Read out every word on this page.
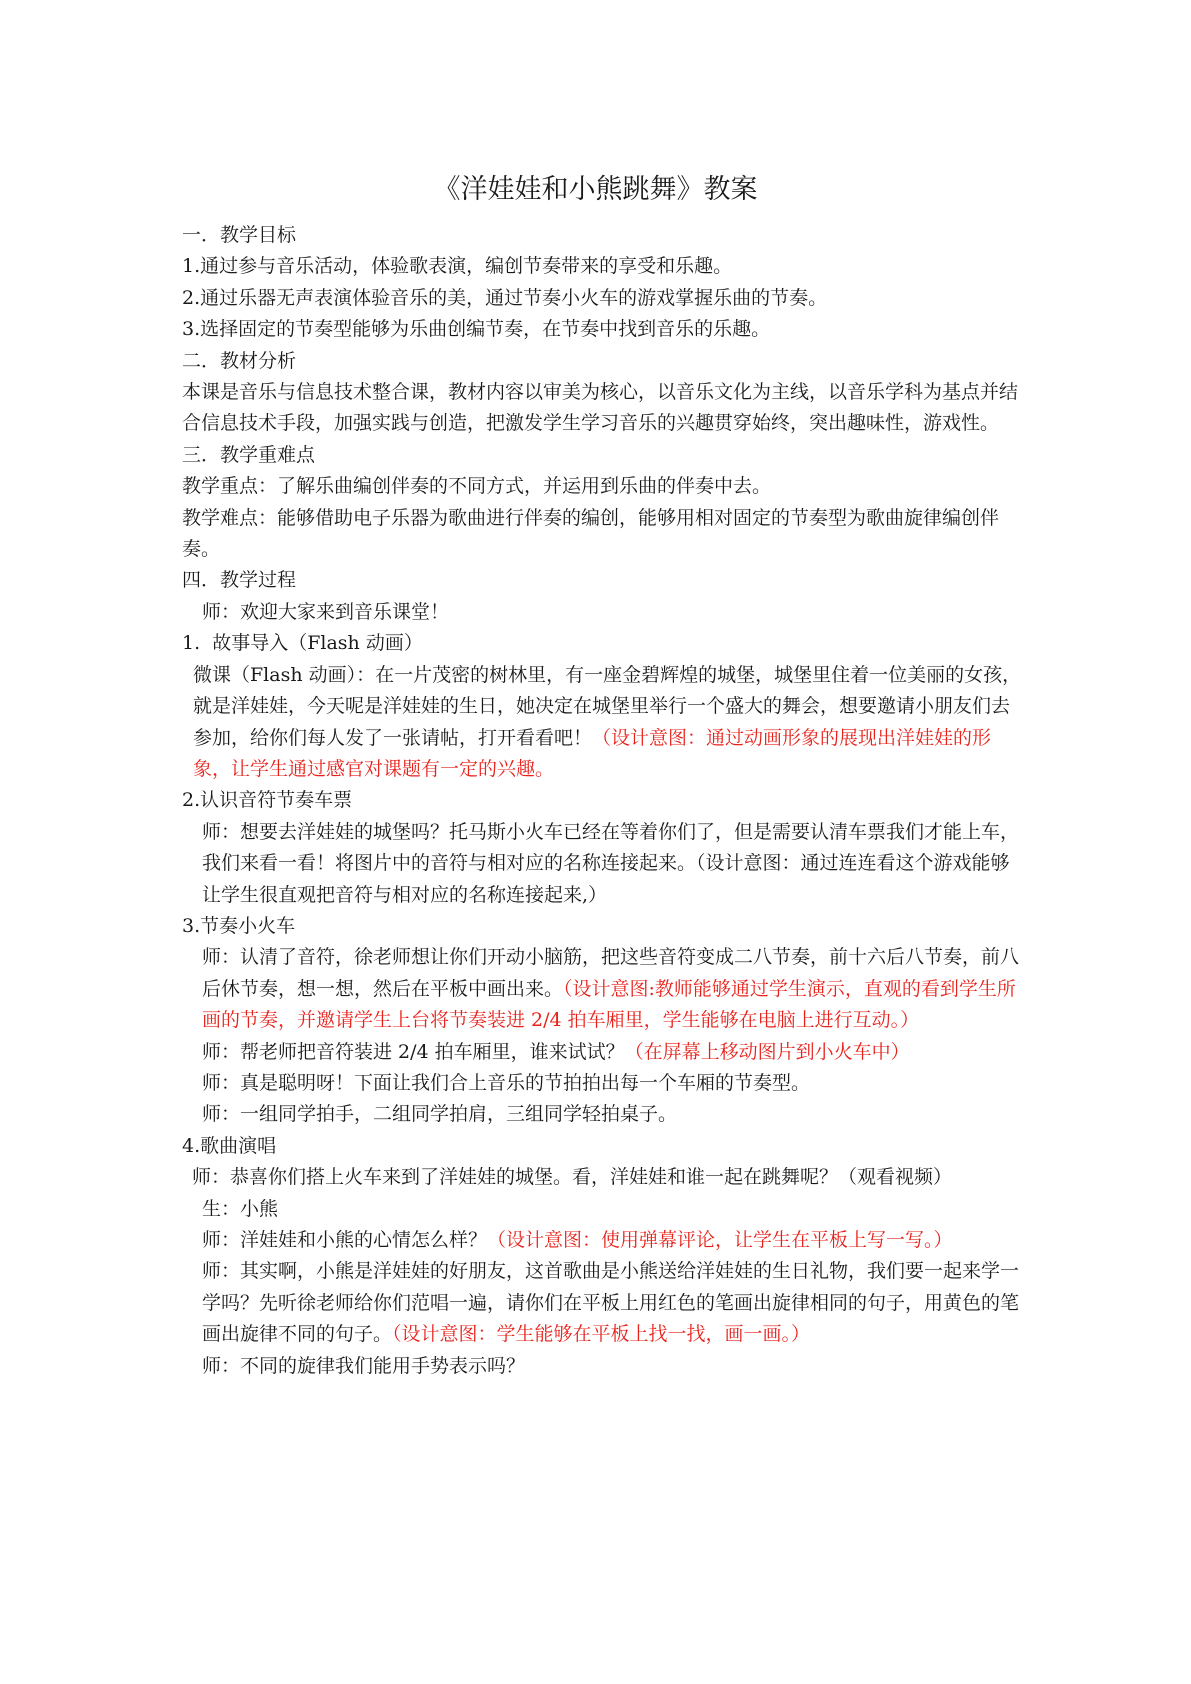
《洋娃娃和小熊跳舞》教案

一．教学目标

1.通过参与音乐活动，体验歌表演，编创节奏带来的享受和乐趣。

2.通过乐器无声表演体验音乐的美，通过节奏小火车的游戏掌握乐曲的节奏。

3.选择固定的节奏型能够为乐曲创编节奏，在节奏中找到音乐的乐趣。

二．教材分析

本课是音乐与信息技术整合课，教材内容以审美为核心，以音乐文化为主线，以音乐学科为基点并结合信息技术手段，加强实践与创造，把激发学生学习音乐的兴趣贯穿始终，突出趣味性，游戏性。

三．教学重难点

教学重点：了解乐曲编创伴奏的不同方式，并运用到乐曲的伴奏中去。

教学难点：能够借助电子乐器为歌曲进行伴奏的编创，能够用相对固定的节奏型为歌曲旋律编创伴奏。

四．教学过程

师：欢迎大家来到音乐课堂！

1.  故事导入（Flash 动画）

微课（Flash 动画）：在一片茂密的树林里，有一座金碧辉煌的城堡，城堡里住着一位美丽的女孩，就是洋娃娃，今天呢是洋娃娃的生日，她决定在城堡里举行一个盛大的舞会，想要邀请小朋友们去参加，给你们每人发了一张请帖，打开看看吧！（设计意图：通过动画形象的展现出洋娃娃的形象，让学生通过感官对课题有一定的兴趣。

2.认识音符节奏车票

师：想要去洋娃娃的城堡吗？托马斯小火车已经在等着你们了，但是需要认清车票我们才能上车，我们来看一看！将图片中的音符与相对应的名称连接起来。（设计意图：通过连连看这个游戏能够让学生很直观把音符与相对应的名称连接起来,）

3.节奏小火车

师：认清了音符，徐老师想让你们开动小脑筋，把这些音符变成二八节奏，前十六后八节奏，前八后休节奏，想一想，然后在平板中画出来。（设计意图:教师能够通过学生演示，直观的看到学生所画的节奏，并邀请学生上台将节奏装进 2/4 拍车厢里，学生能够在电脑上进行互动。）

师：帮老师把音符装进 2/4 拍车厢里，谁来试试？（在屏幕上移动图片到小火车中）

师：真是聪明呀！下面让我们合上音乐的节拍拍出每一个车厢的节奏型。

师：一组同学拍手，二组同学拍肩，三组同学轻拍桌子。

4.歌曲演唱

师：恭喜你们搭上火车来到了洋娃娃的城堡。看，洋娃娃和谁一起在跳舞呢？（观看视频）

生：小熊

师：洋娃娃和小熊的心情怎么样？（设计意图：使用弹幕评论，让学生在平板上写一写。）

师：其实啊，小熊是洋娃娃的好朋友，这首歌曲是小熊送给洋娃娃的生日礼物，我们要一起来学一学吗？先听徐老师给你们范唱一遍，请你们在平板上用红色的笔画出旋律相同的句子，用黄色的笔画出旋律不同的句子。（设计意图：学生能够在平板上找一找，画一画。）

师：不同的旋律我们能用手势表示吗？
